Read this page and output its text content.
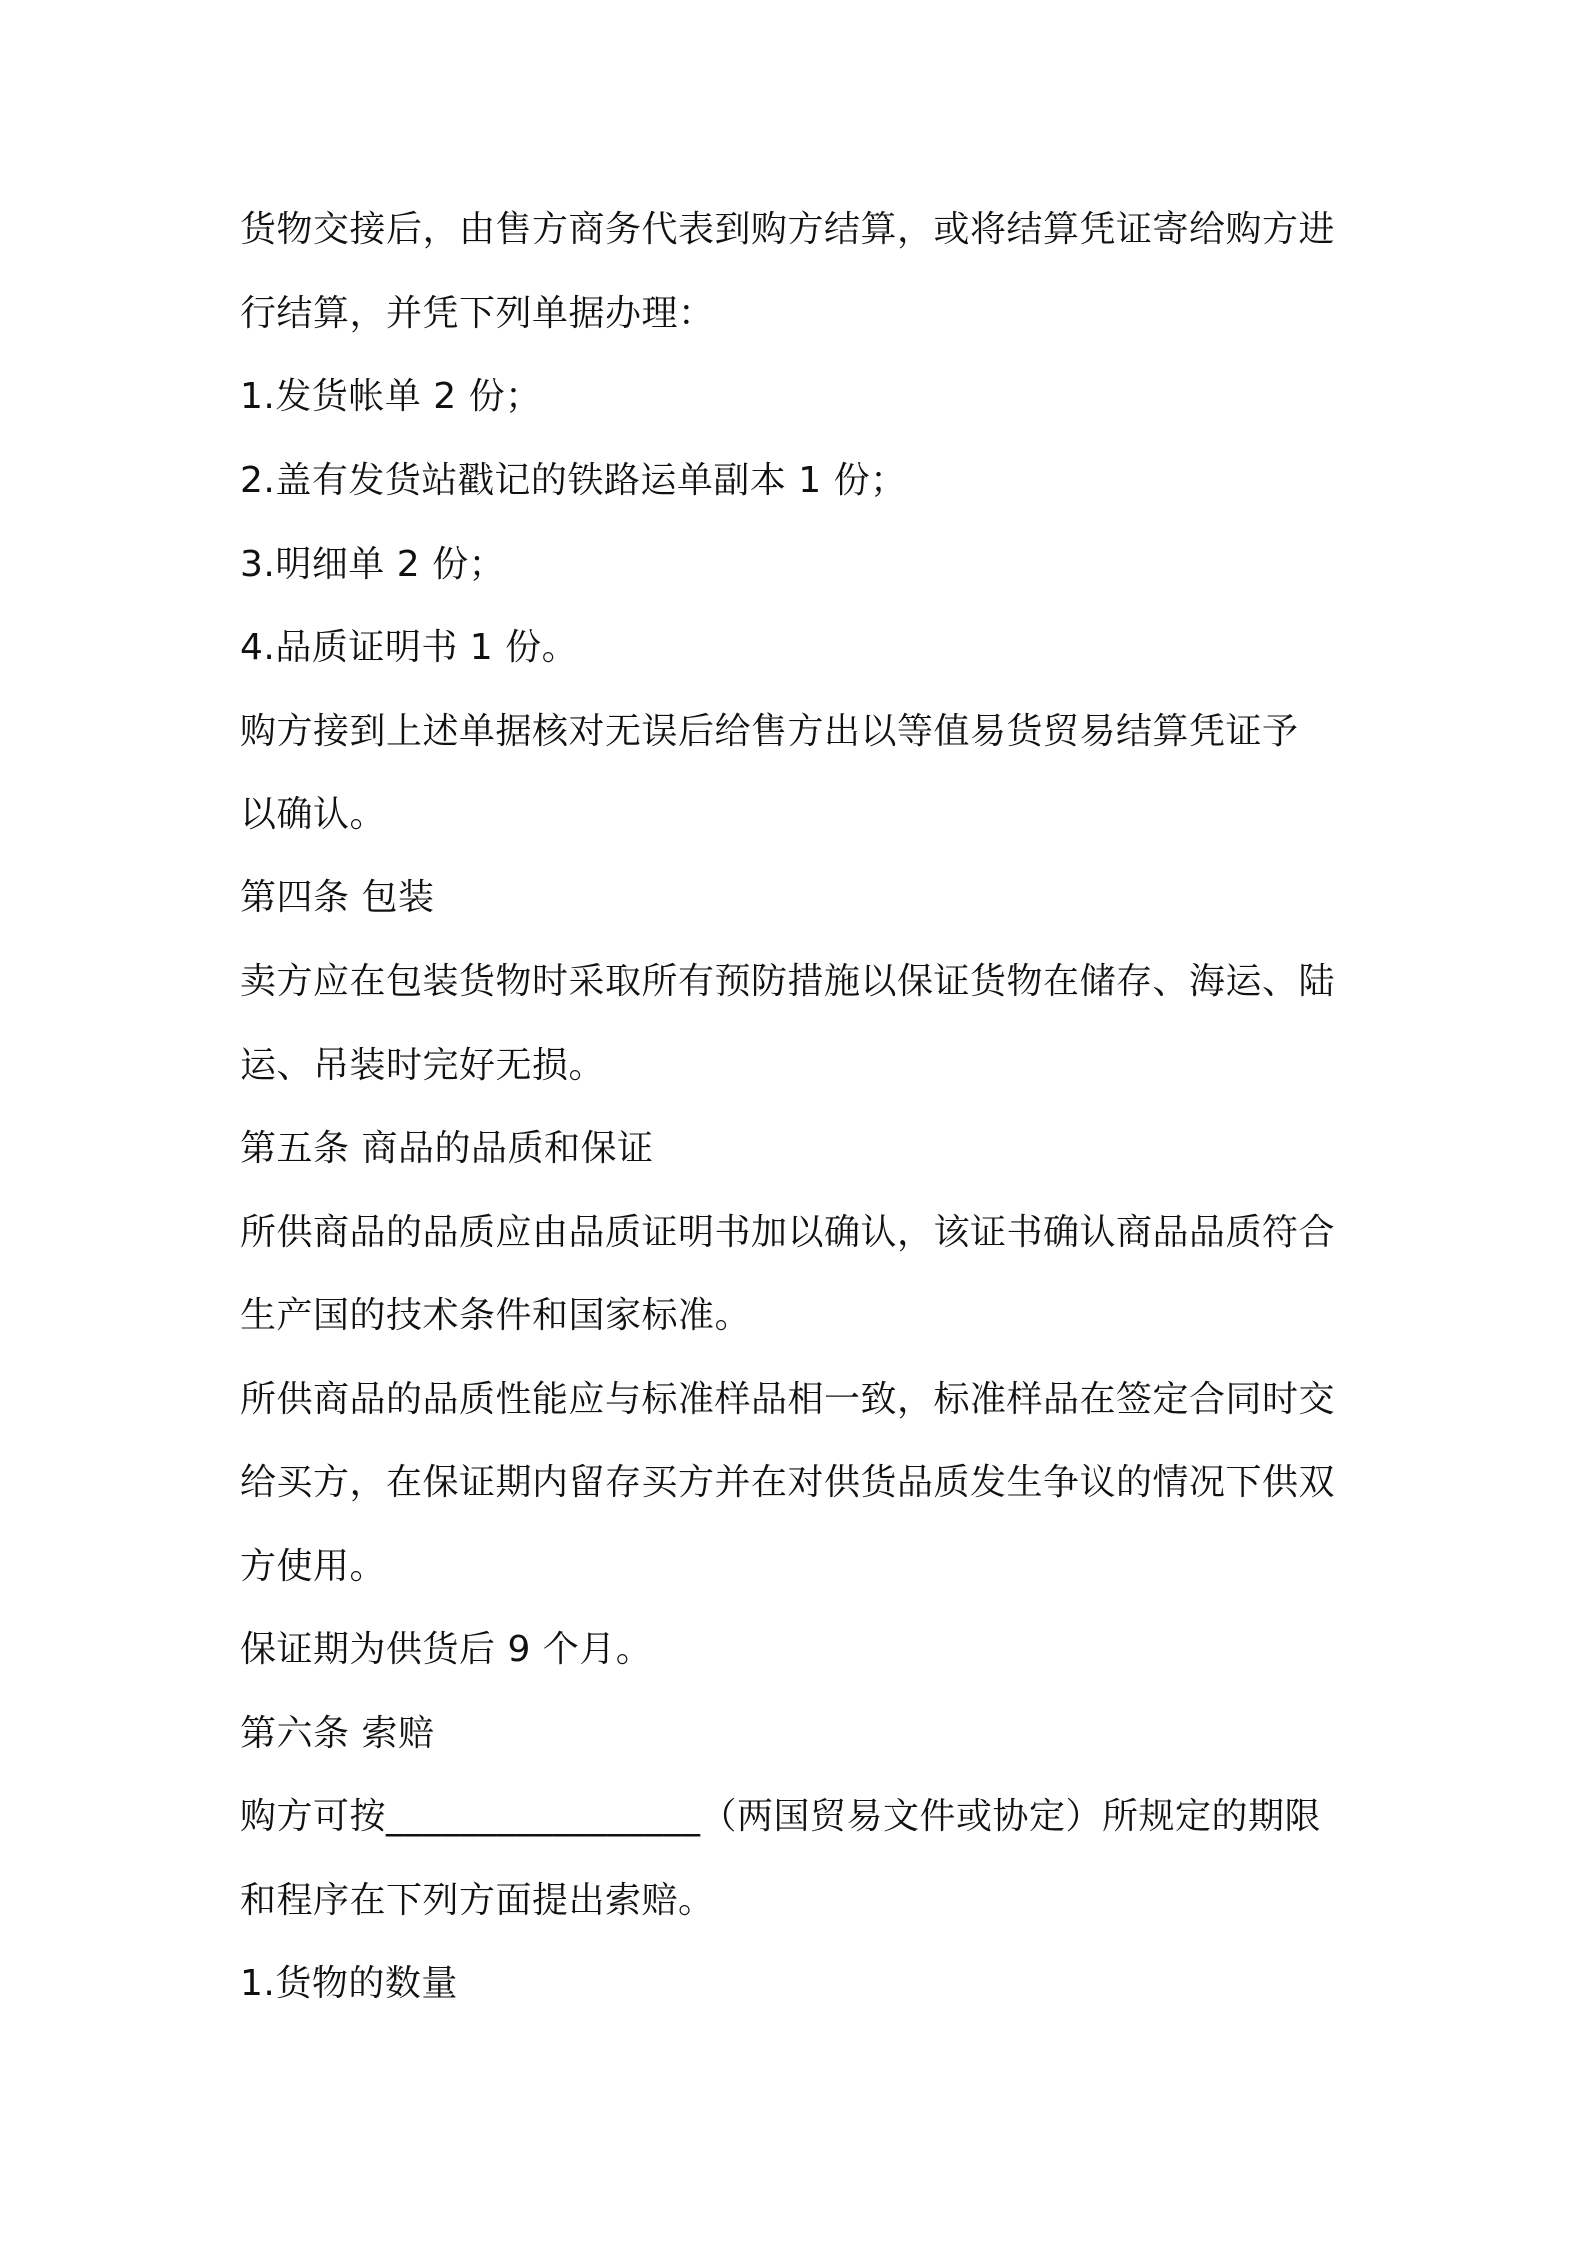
货物交接后，由售方商务代表到购方结算，或将结算凭证寄给购方进
行结算，并凭下列单据办理：
1.发货帐单 2 份；
2.盖有发货站戳记的铁路运单副本 1 份；
3.明细单 2 份；
4.品质证明书 1 份。
购方接到上述单据核对无误后给售方出以等值易货贸易结算凭证予
以确认。
第四条 包装
卖方应在包装货物时采取所有预防措施以保证货物在储存、海运、陆
运、吊装时完好无损。
第五条 商品的品质和保证
所供商品的品质应由品质证明书加以确认，该证书确认商品品质符合
生产国的技术条件和国家标准。
所供商品的品质性能应与标准样品相一致，标准样品在签定合同时交
给买方，在保证期内留存买方并在对供货品质发生争议的情况下供双
方使用。
保证期为供货后 9 个月。
第六条 索赔
购方可按_________________（两国贸易文件或协定）所规定的期限
和程序在下列方面提出索赔。
1.货物的数量
